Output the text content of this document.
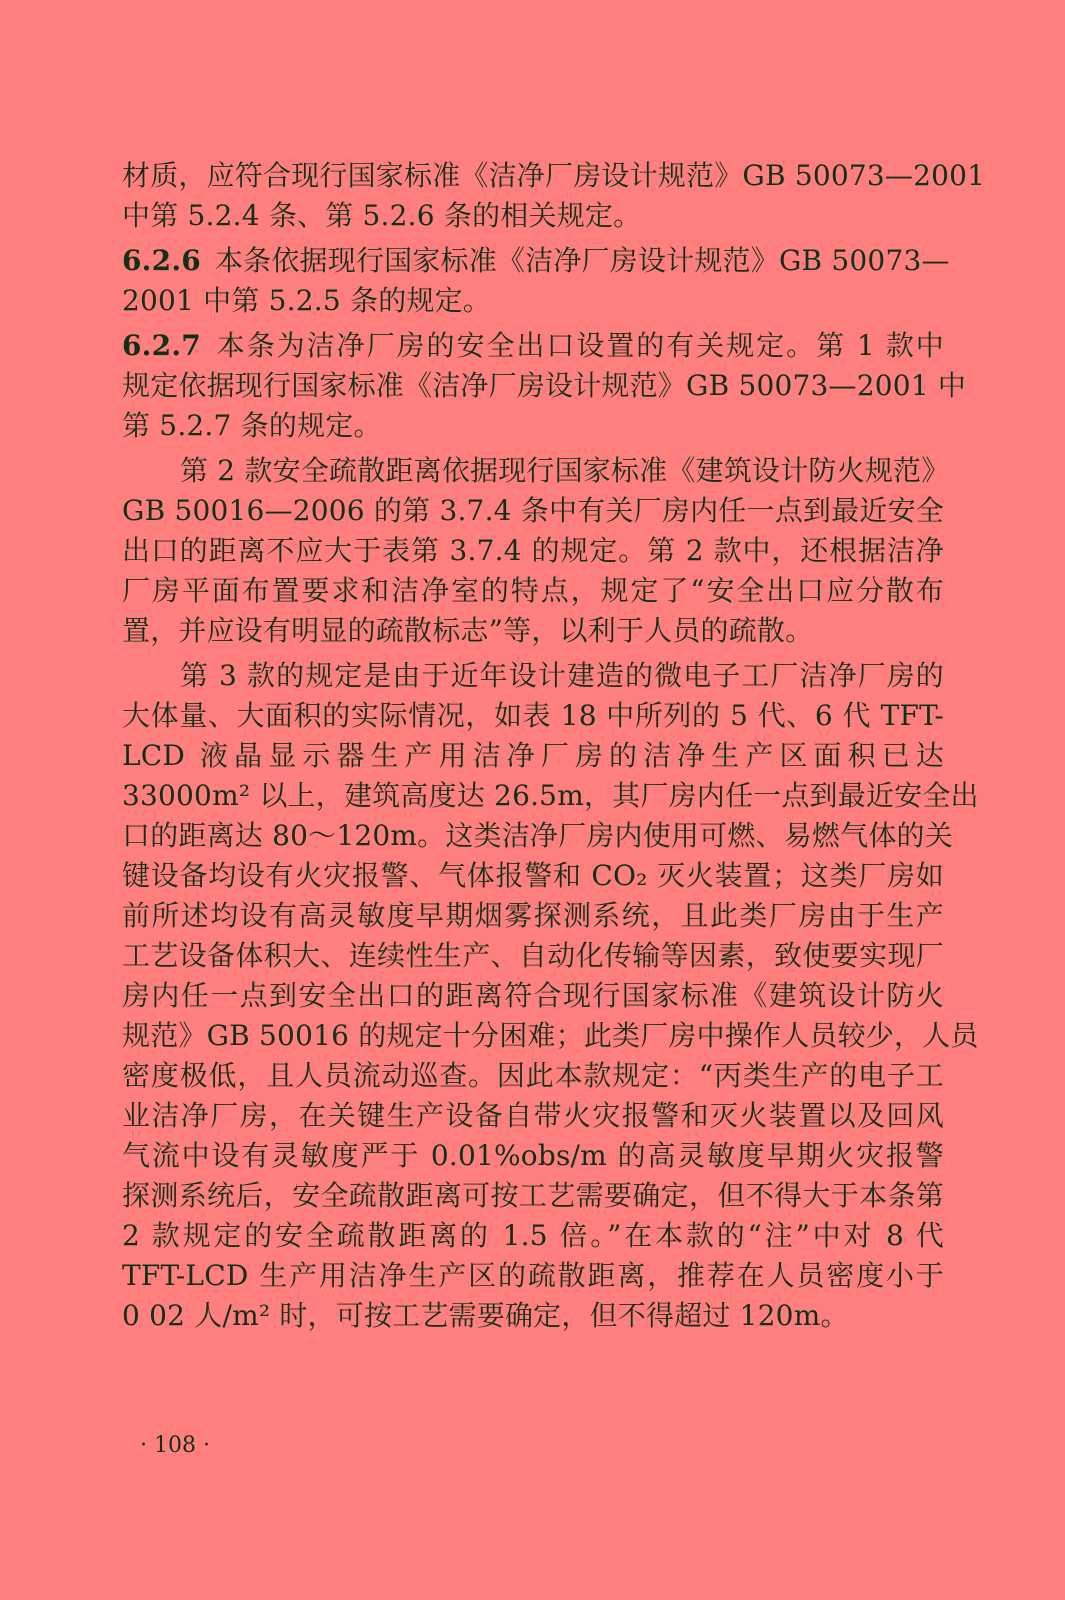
材质，应符合现行国家标准《洁净厂房设计规范》GB 50073—2001
中第 5.2.4 条、第 5.2.6 条的相关规定。
6.2.6 本条依据现行国家标准《洁净厂房设计规范》GB 50073—
2001 中第 5.2.5 条的规定。
6.2.7 本条为洁净厂房的安全出口设置的有关规定。第 1 款中
规定依据现行国家标准《洁净厂房设计规范》GB 50073—2001 中
第 5.2.7 条的规定。
第 2 款安全疏散距离依据现行国家标准《建筑设计防火规范》
GB 50016—2006 的第 3.7.4 条中有关厂房内任一点到最近安全
出口的距离不应大于表第 3.7.4 的规定。第 2 款中，还根据洁净
厂房平面布置要求和洁净室的特点，规定了“安全出口应分散布
置，并应设有明显的疏散标志”等，以利于人员的疏散。
第 3 款的规定是由于近年设计建造的微电子工厂洁净厂房的
大体量、大面积的实际情况，如表 18 中所列的 5 代、6 代 TFT-
LCD 液晶显示器生产用洁净厂房的洁净生产区面积已达
33000m² 以上，建筑高度达 26.5m，其厂房内任一点到最近安全出
口的距离达 80～120m。这类洁净厂房内使用可燃、易燃气体的关
键设备均设有火灾报警、气体报警和 CO₂ 灭火装置；这类厂房如
前所述均设有高灵敏度早期烟雾探测系统，且此类厂房由于生产
工艺设备体积大、连续性生产、自动化传输等因素，致使要实现厂
房内任一点到安全出口的距离符合现行国家标准《建筑设计防火
规范》GB 50016 的规定十分困难；此类厂房中操作人员较少，人员
密度极低，且人员流动巡查。因此本款规定：“丙类生产的电子工
业洁净厂房，在关键生产设备自带火灾报警和灭火装置以及回风
气流中设有灵敏度严于 0.01%obs/m 的高灵敏度早期火灾报警
探测系统后，安全疏散距离可按工艺需要确定，但不得大于本条第
2 款规定的安全疏散距离的 1.5 倍。”在本款的“注”中对 8 代
TFT-LCD 生产用洁净生产区的疏散距离，推荐在人员密度小于
0 02 人/m² 时，可按工艺需要确定，但不得超过 120m。
· 108 ·
